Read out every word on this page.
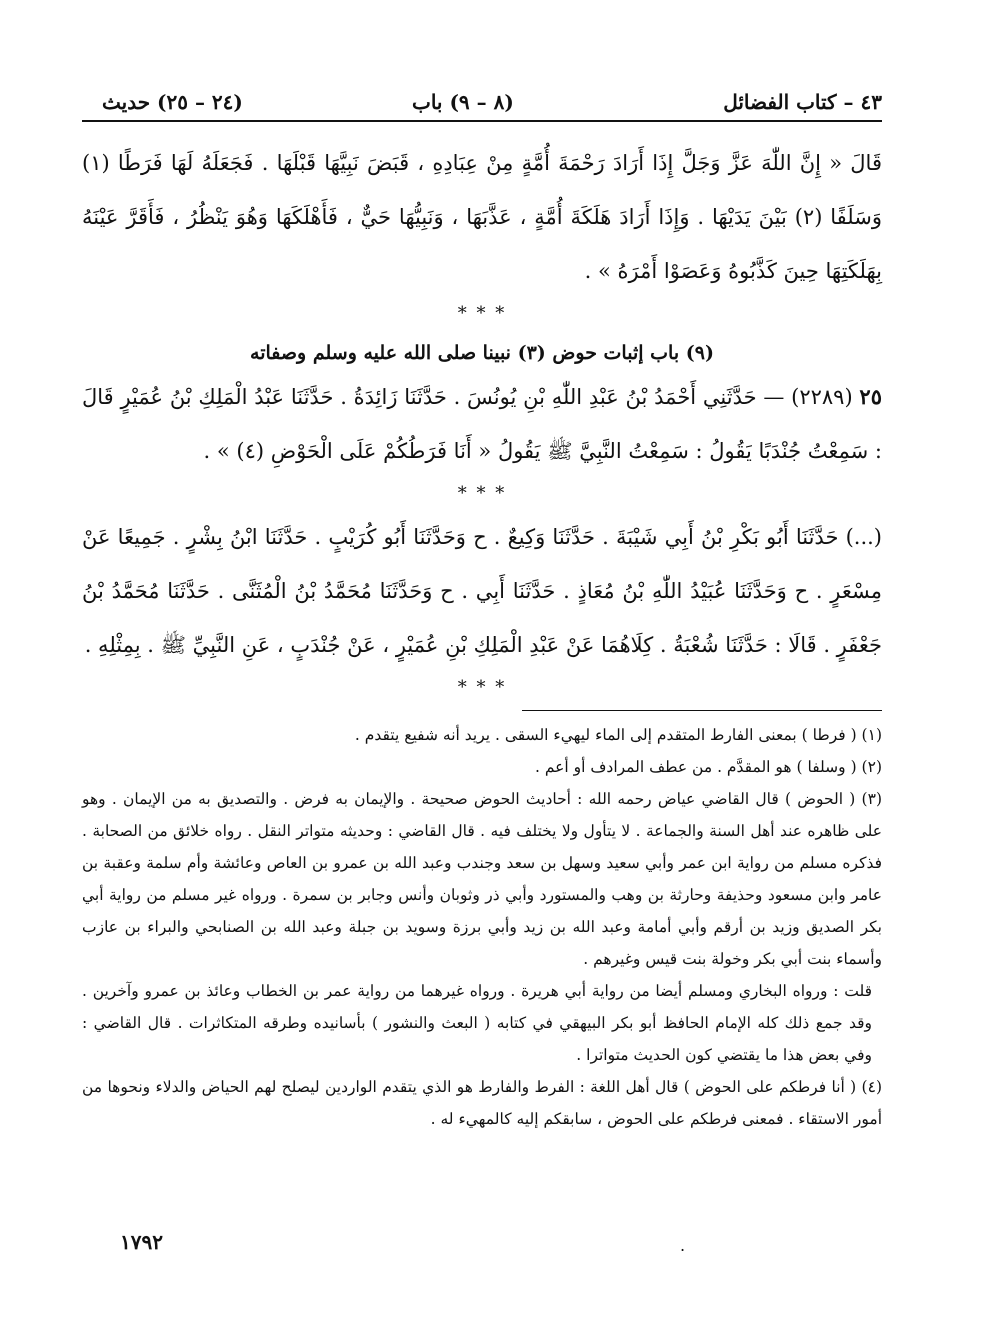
٤٣ – كتاب الفضائل
(٨ – ٩) باب
(٢٤ – ٢٥) حديث

قَالَ « إِنَّ اللّٰهَ عَزَّ وَجَلَّ إِذَا أَرَادَ رَحْمَةَ أُمَّةٍ مِنْ عِبَادِهِ ، قَبَضَ نَبِيَّهَا قَبْلَهَا . فَجَعَلَهُ لَهَا فَرَطًا (١) وَسَلَفًا (٢) بَيْنَ يَدَيْهَا . وَإِذَا أَرَادَ هَلَكَةَ أُمَّةٍ ، عَذَّبَهَا ، وَنَبِيُّهَا حَيٌّ ، فَأَهْلَكَهَا وَهُوَ يَنْظُرُ ، فَأَقَرَّ عَيْنَهُ بِهَلَكَتِهَا حِينَ كَذَّبُوهُ وَعَصَوْا أَمْرَهُ » .

* * *
(٩) باب إثبات حوض (٣) نبينا صلى الله عليه وسلم وصفاته

٢٥ (٢٢٨٩) — حَدَّثَنِي أَحْمَدُ بْنُ عَبْدِ اللّٰهِ بْنِ يُونُسَ . حَدَّثَنَا زَائِدَةُ . حَدَّثَنَا عَبْدُ الْمَلِكِ بْنُ عُمَيْرٍ قَالَ : سَمِعْتُ جُنْدَبًا يَقُولُ : سَمِعْتُ النَّبِيَّ ﷺ يَقُولُ « أَنَا فَرَطُكُمْ عَلَى الْحَوْضِ (٤) » .

* * *

(...) حَدَّثَنَا أَبُو بَكْرِ بْنُ أَبِي شَيْبَةَ . حَدَّثَنَا وَكِيعٌ . ح وَحَدَّثَنَا أَبُو كُرَيْبٍ . حَدَّثَنَا ابْنُ بِشْرٍ . جَمِيعًا عَنْ مِسْعَرٍ . ح وَحَدَّثَنَا عُبَيْدُ اللّٰهِ بْنُ مُعَاذٍ . حَدَّثَنَا أَبِي . ح وَحَدَّثَنَا مُحَمَّدُ بْنُ الْمُثَنَّى . حَدَّثَنَا مُحَمَّدُ بْنُ جَعْفَرٍ . قَالَا : حَدَّثَنَا شُعْبَةُ . كِلَاهُمَا عَنْ عَبْدِ الْمَلِكِ بْنِ عُمَيْرٍ ، عَنْ جُنْدَبٍ ، عَنِ النَّبِيِّ ﷺ . بِمِثْلِهِ .

* * *

(١) ( فرطا ) بمعنى الفارط المتقدم إلى الماء ليهيء السقى . يريد أنه شفيع يتقدم .

(٢) ( وسلفا ) هو المقدَّم . من عطف المرادف أو أعم .

(٣) ( الحوض ) قال القاضي عياض رحمه الله : أحاديث الحوض صحيحة . والإيمان به فرض . والتصديق به من الإيمان . وهو على ظاهره عند أهل السنة والجماعة . لا يتأول ولا يختلف فيه . قال القاضي : وحديثه متواتر النقل . رواه خلائق من الصحابة . فذكره مسلم من رواية ابن عمر وأبي سعيد وسهل بن سعد وجندب وعبد الله بن عمرو بن العاص وعائشة وأم سلمة وعقبة بن عامر وابن مسعود وحذيفة وحارثة بن وهب والمستورد وأبي ذر وثوبان وأنس وجابر بن سمرة . ورواه غير مسلم من رواية أبي بكر الصديق وزيد بن أرقم وأبي أمامة وعبد الله بن زيد وأبي برزة وسويد بن جبلة وعبد الله بن الصنابحي والبراء بن عازب وأسماء بنت أبي بكر وخولة بنت قيس وغيرهم .

قلت : ورواه البخاري ومسلم أيضا من رواية أبي هريرة . ورواه غيرهما من رواية عمر بن الخطاب وعائذ بن عمرو وآخرين . وقد جمع ذلك كله الإمام الحافظ أبو بكر البيهقي في كتابه ( البعث والنشور ) بأسانيده وطرقه المتكاثرات . قال القاضي : وفي بعض هذا ما يقتضي كون الحديث متواترا .

(٤) ( أنا فرطكم على الحوض ) قال أهل اللغة : الفرط والفارط هو الذي يتقدم الواردين ليصلح لهم الحياض والدلاء ونحوها من أمور الاستقاء . فمعنى فرطكم على الحوض ، سابقكم إليه كالمهيء له .

.
١٧٩٢
